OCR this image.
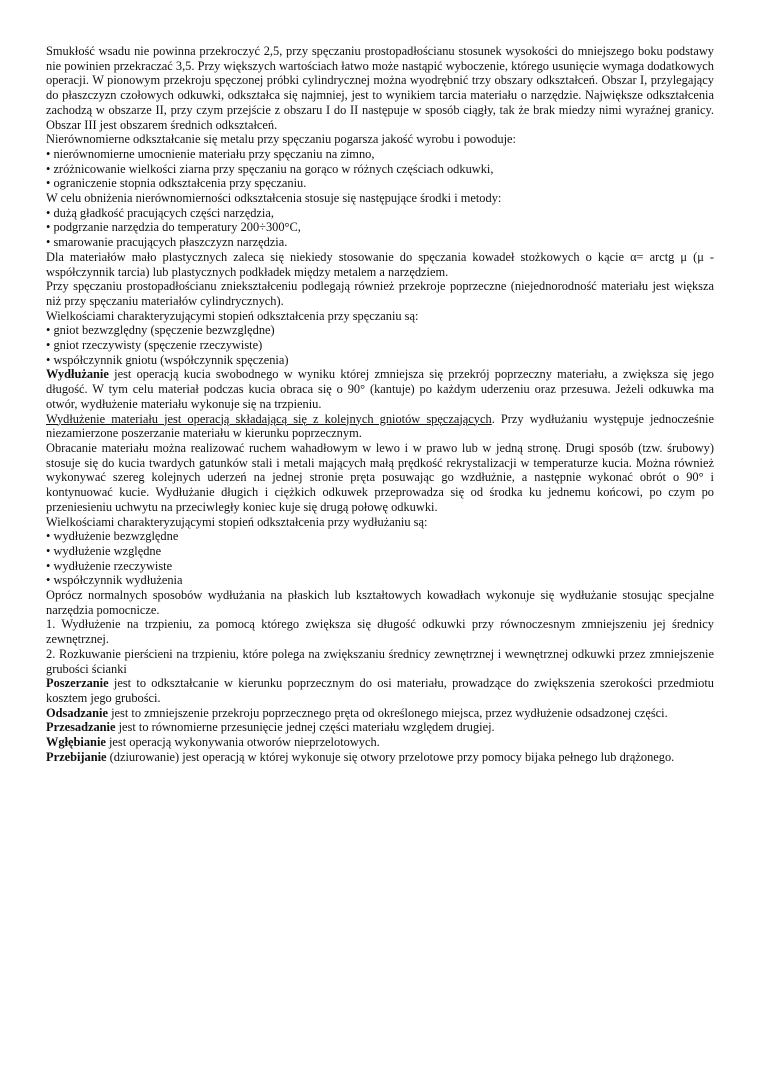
Smukłość wsadu nie powinna przekroczyć 2,5, przy spęczaniu prostopadłościanu stosunek wysokości do mniejszego boku podstawy nie powinien przekraczać 3,5. Przy większych wartościach łatwo może nastąpić wyboczenie, którego usunięcie wymaga dodatkowych operacji. W pionowym przekroju spęczonej próbki cylindrycznej można wyodrębnić trzy obszary odkształceń. Obszar I, przylegający do płaszczyzn czołowych odkuwki, odkształca się najmniej, jest to wynikiem tarcia materiału o narzędzie. Największe odkształcenia zachodzą w obszarze II, przy czym przejście z obszaru I do II następuje w sposób ciągły, tak że brak miedzy nimi wyraźnej granicy. Obszar III jest obszarem średnich odkształceń.

Nierównomierne odkształcanie się metalu przy spęczaniu pogarsza jakość wyrobu i powoduje:

• nierównomierne umocnienie materiału przy spęczaniu na zimno,

• zróżnicowanie wielkości ziarna przy spęczaniu na gorąco w różnych częściach odkuwki,

• ograniczenie stopnia odkształcenia przy spęczaniu.

W celu obniżenia nierównomierności odkształcenia stosuje się następujące środki i metody:

• dużą gładkość pracujących części narzędzia,

• podgrzanie narzędzia do temperatury 200÷300°C,

• smarowanie pracujących płaszczyzn narzędzia.

Dla materiałów mało plastycznych zaleca się niekiedy stosowanie do spęczania kowadeł stożkowych o kącie α= arctg μ (μ -współczynnik tarcia) lub plastycznych podkładek między metalem a narzędziem.

Przy spęczaniu prostopadłościanu zniekształceniu podlegają również przekroje poprzeczne (niejednorodność materiału jest większa niż przy spęczaniu materiałów cylindrycznych).

Wielkościami charakteryzującymi stopień odkształcenia przy spęczaniu są:

• gniot bezwzględny (spęczenie bezwzględne)

• gniot rzeczywisty (spęczenie rzeczywiste)

• współczynnik gniotu (współczynnik spęczenia)

Wydłużanie jest operacją kucia swobodnego w wyniku której zmniejsza się przekrój poprzeczny materiału, a zwiększa się jego długość. W tym celu materiał podczas kucia obraca się o 90° (kantuje) po każdym uderzeniu oraz przesuwa. Jeżeli odkuwka ma otwór, wydłużenie materiału wykonuje się na trzpieniu.

Wydłużenie materiału jest operacją składającą się z kolejnych gniotów spęczających. Przy wydłużaniu występuje jednocześnie niezamierzone poszerzanie materiału w kierunku poprzecznym.

Obracanie materiału można realizować ruchem wahadłowym w lewo i w prawo lub w jedną stronę. Drugi sposób (tzw. śrubowy) stosuje się do kucia twardych gatunków stali i metali mających małą prędkość rekrystalizacji w temperaturze kucia. Można również wykonywać szereg kolejnych uderzeń na jednej stronie pręta posuwając go wzdłużnie, a następnie wykonać obrót o 90° i kontynuować kucie. Wydłużanie długich i ciężkich odkuwek przeprowadza się od środka ku jednemu końcowi, po czym po przeniesieniu uchwytu na przeciwległy koniec kuje się drugą połowę odkuwki.

Wielkościami charakteryzującymi stopień odkształcenia przy wydłużaniu są:

• wydłużenie bezwzględne

• wydłużenie względne

• wydłużenie rzeczywiste

• współczynnik wydłużenia

Oprócz normalnych sposobów wydłużania na płaskich lub kształtowych kowadłach wykonuje się wydłużanie stosując specjalne narzędzia pomocnicze.

1. Wydłużenie na trzpieniu, za pomocą którego zwiększa się długość odkuwki przy równoczesnym zmniejszeniu jej średnicy zewnętrznej.

2. Rozkuwanie pierścieni na trzpieniu, które polega na zwiększaniu średnicy zewnętrznej i wewnętrznej odkuwki przez zmniejszenie grubości ścianki

Poszerzanie jest to odkształcanie w kierunku poprzecznym do osi materiału, prowadzące do zwiększenia szerokości przedmiotu kosztem jego grubości.

Odsadzanie jest to zmniejszenie przekroju poprzecznego pręta od określonego miejsca, przez wydłużenie odsadzonej części.

Przesadzanie jest to równomierne przesunięcie jednej części materiału względem drugiej.

Wgłębianie jest operacją wykonywania otworów nieprzelotowych.

Przebijanie (dziurowanie) jest operacją w której wykonuje się otwory przelotowe przy pomocy bijaka pełnego lub drążonego.
